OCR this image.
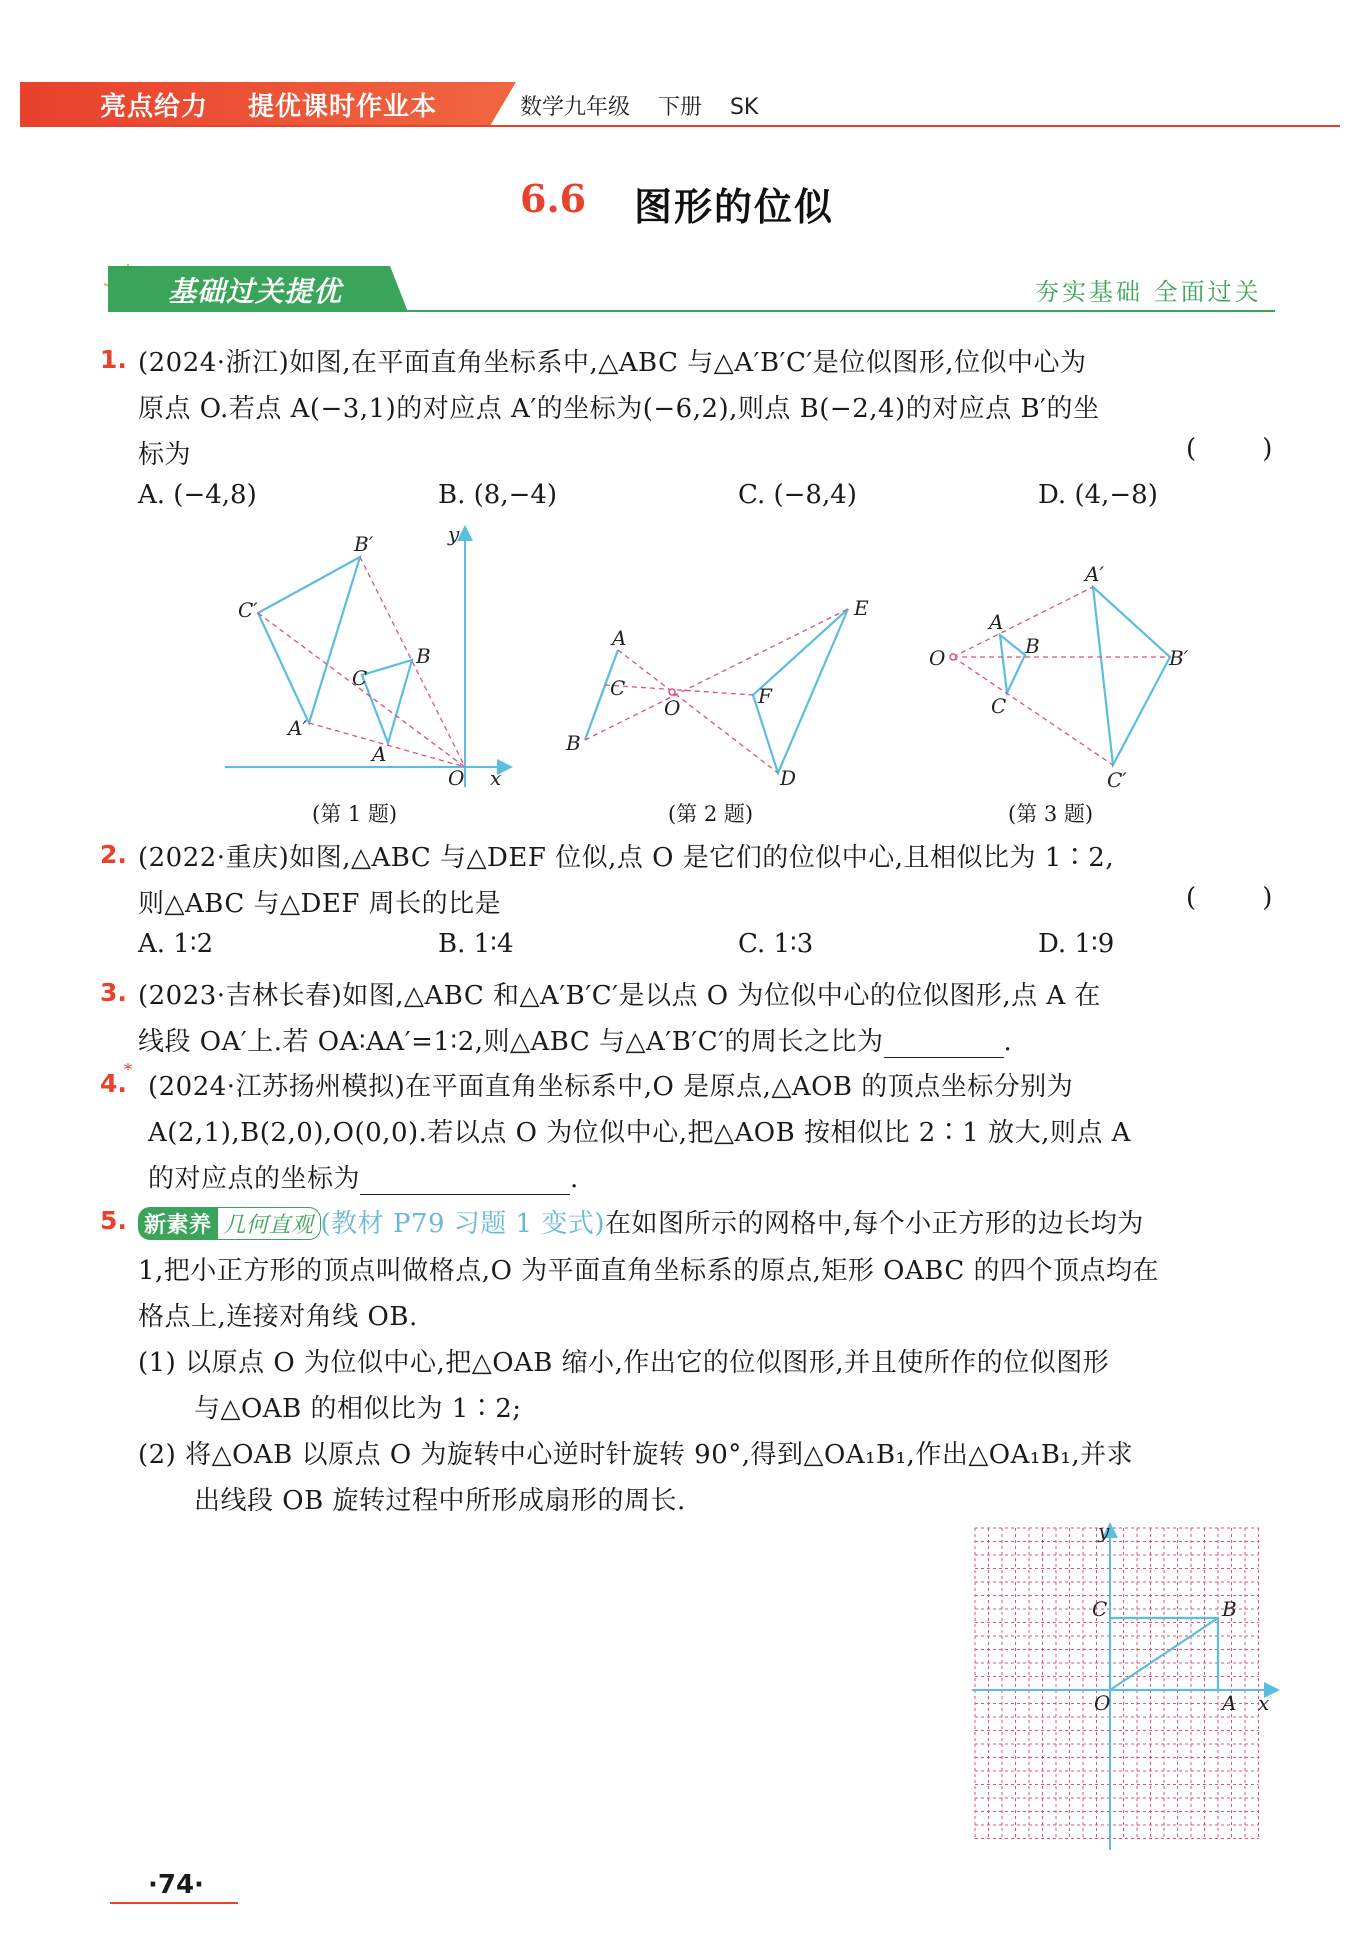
亮点给力 提优课时作业本	数学九年级    下册    SK
6.6 图形的位似
基础过关提优	夯实基础 全面过关
1. (2024·浙江)如图,在平面直角坐标系中,△ABC 与△A′B′C′是位似图形,位似中心为
原点 O.若点 A(−3,1)的对应点 A′的坐标为(−6,2),则点 B(−2,4)的对应点 B′的坐
标为	(        )
A. (−4,8)	B. (8,−4)	C. (−8,4)	D. (4,−8)
B′
C′
A′
C
B
A
O x
y
(第 1 题)
A
C
B
O	F
E
D
(第 2 题)
A′
A
B
O
C
B′
C′
(第 3 题)
2. (2022·重庆)如图,△ABC 与△DEF 位似,点 O 是它们的位似中心,且相似比为 1∶2,
则△ABC 与△DEF 周长的比是	(        )
A. 1∶2	B. 1∶4	C. 1∶3	D. 1∶9
3. (2023·吉林长春)如图,△ABC 和△A′B′C′是以点 O 为位似中心的位似图形,点 A 在
线段 OA′上.若 OA∶AA′=1∶2,则△ABC 与△A′B′C′的周长之比为	.
4.
*
(2024·江苏扬州模拟)在平面直角坐标系中,O 是原点,△AOB 的顶点坐标分别为
A(2,1),B(2,0),O(0,0).若以点 O 为位似中心,把△AOB 按相似比 2∶1 放大,则点 A
的对应点的坐标为	.
5. 新素养 几何直观 (教材 P79 习题 1 变式)在如图所示的网格中,每个小正方形的边长均为
1,把小正方形的顶点叫做格点,O 为平面直角坐标系的原点,矩形 OABC 的四个顶点均在
格点上,连接对角线 OB.
(1) 以原点 O 为位似中心,把△OAB 缩小,作出它的位似图形,并且使所作的位似图形
与△OAB 的相似比为 1∶2;
(2) 将△OAB 以原点 O 为旋转中心逆时针旋转 90°,得到△OA₁B₁,作出△OA₁B₁,并求
出线段 OB 旋转过程中所形成扇形的周长.
y
C	B
O	A x
·74·
